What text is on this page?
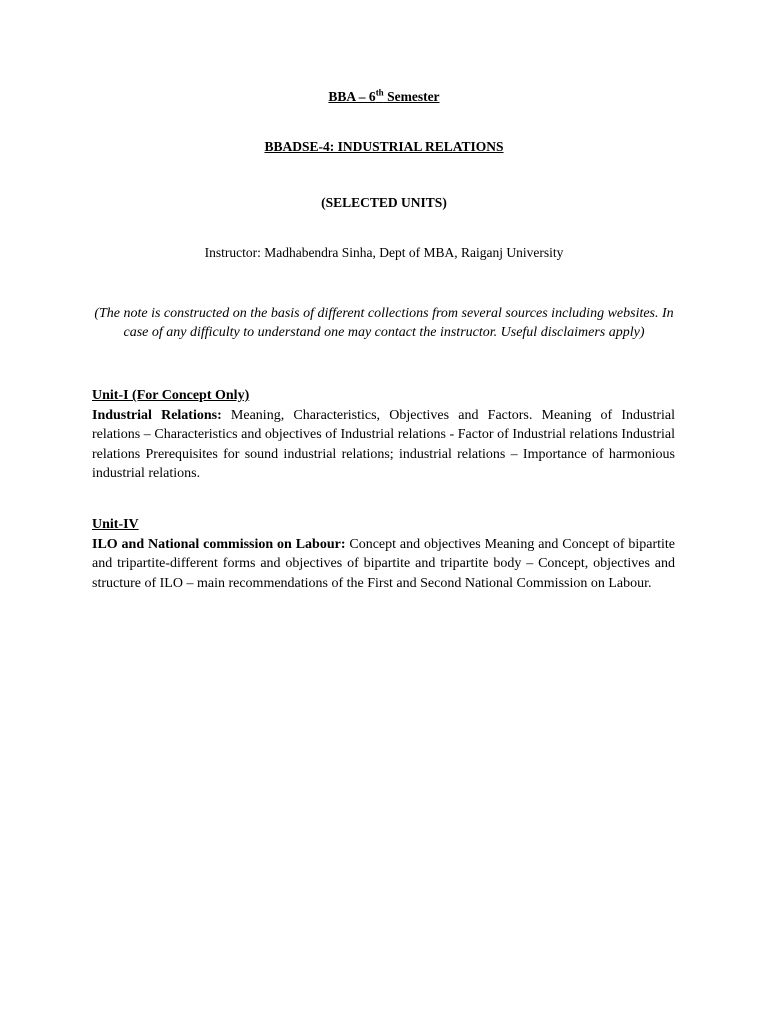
BBA – 6th Semester
BBADSE-4: INDUSTRIAL RELATIONS
(SELECTED UNITS)
Instructor: Madhabendra Sinha, Dept of MBA, Raiganj University
(The note is constructed on the basis of different collections from several sources including websites. In case of any difficulty to understand one may contact the instructor. Useful disclaimers apply)
Unit-I (For Concept Only)
Industrial Relations: Meaning, Characteristics, Objectives and Factors. Meaning of Industrial relations – Characteristics and objectives of Industrial relations - Factor of Industrial relations Industrial relations Prerequisites for sound industrial relations; industrial relations – Importance of harmonious industrial relations.
Unit-IV
ILO and National commission on Labour: Concept and objectives Meaning and Concept of bipartite and tripartite-different forms and objectives of bipartite and tripartite body – Concept, objectives and structure of ILO – main recommendations of the First and Second National Commission on Labour.
